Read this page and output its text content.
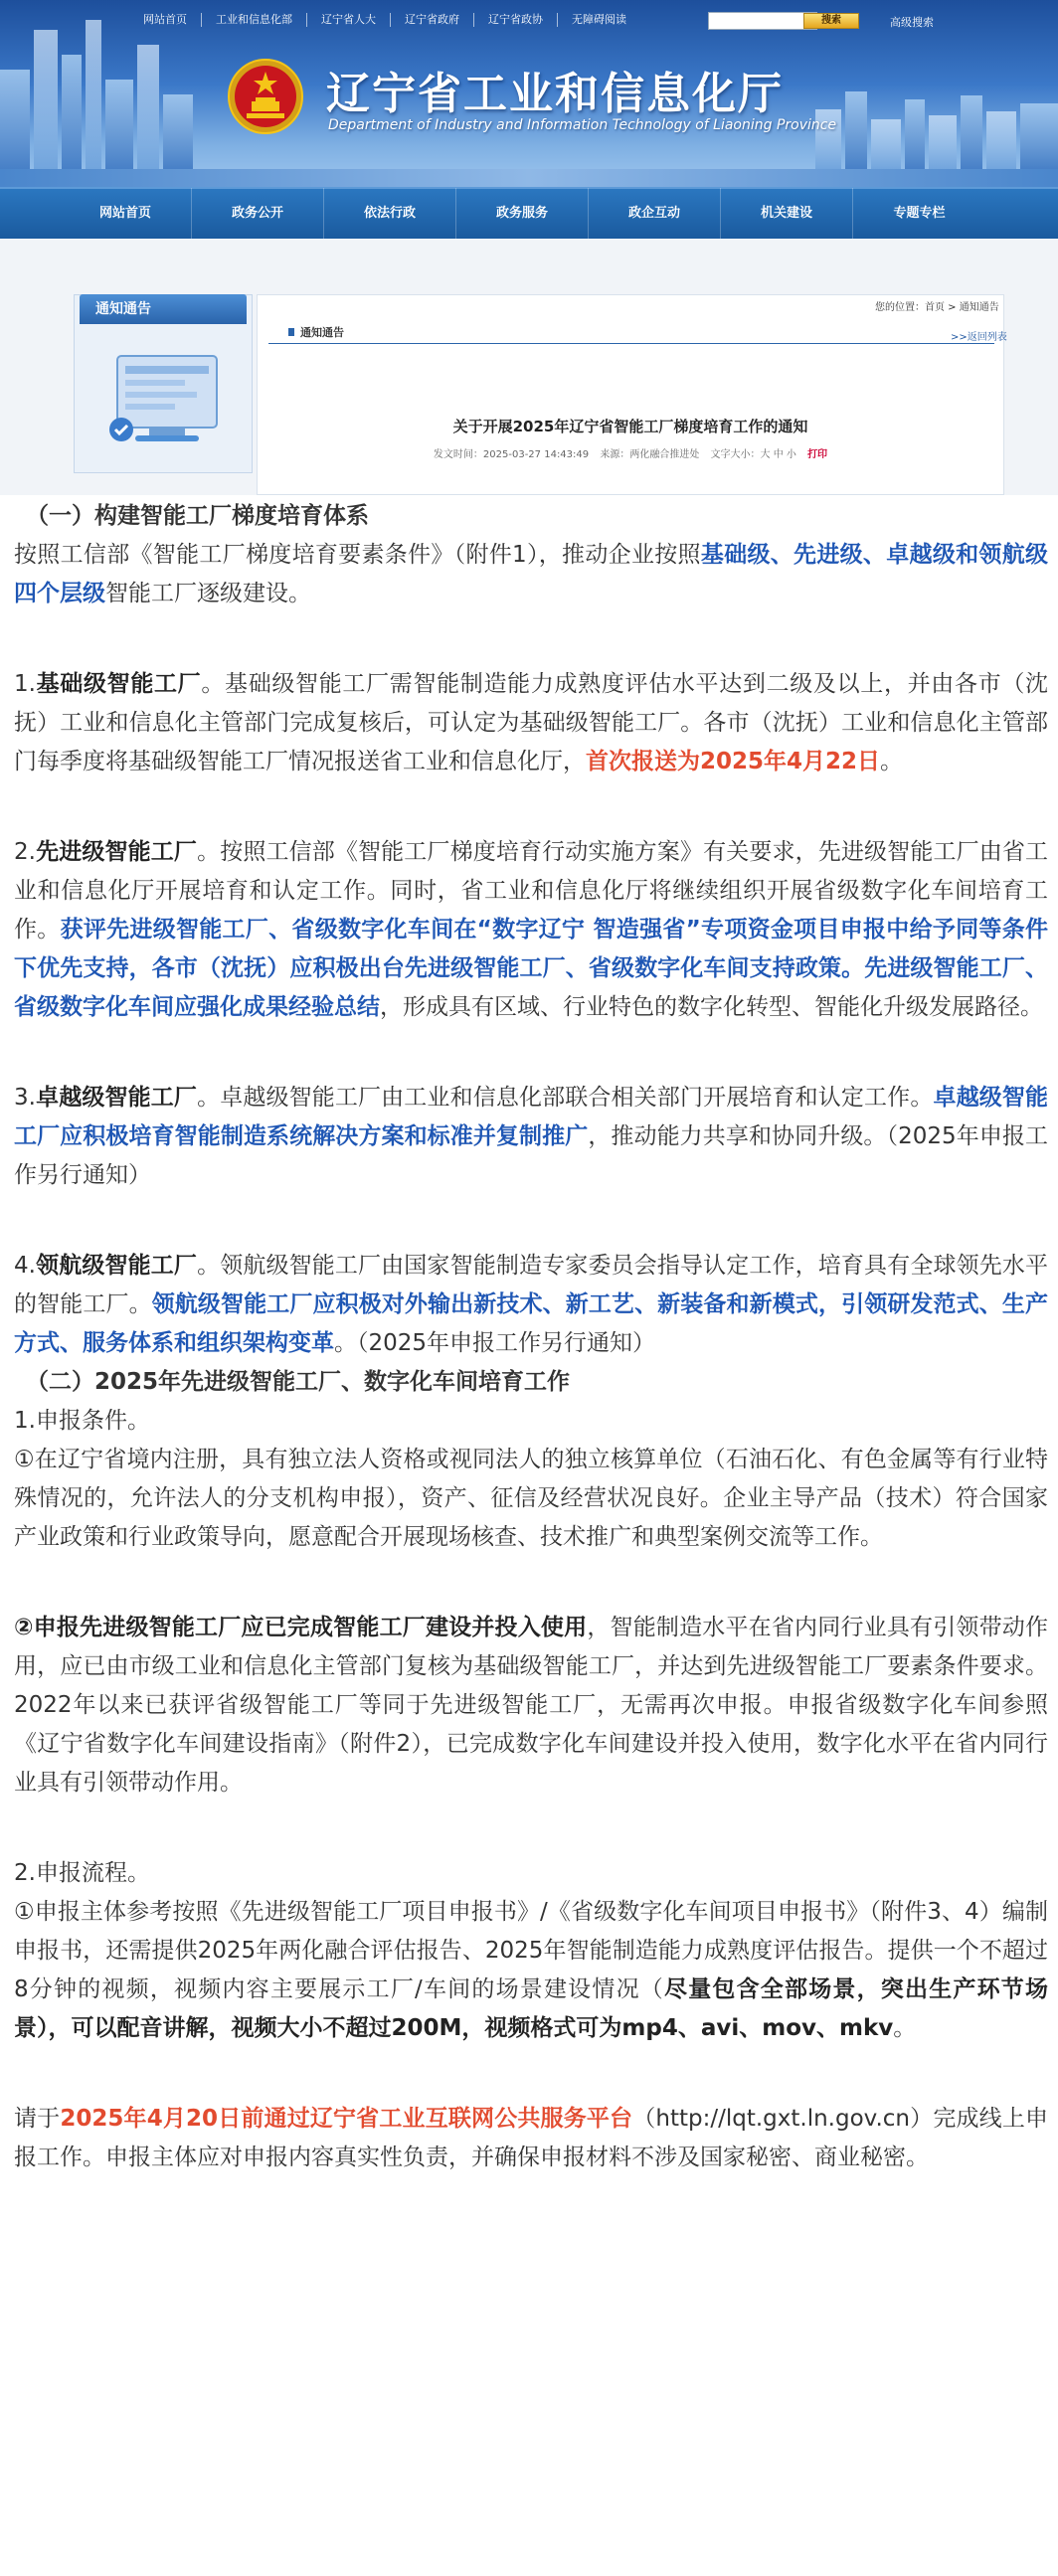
网站首页	工业和信息化部	辽宁省人大	辽宁省政府	辽宁省政协	无障碍阅读	搜索	高级搜索
辽宁省工业和信息化厅
Department of Industry and Information Technology of Liaoning Province
网站首页	政务公开	依法行政	政务服务	政企互动	机关建设	专题专栏
通知通告
通知通告
您的位置：首页 > 通知通告
>>返回列表
关于开展2025年辽宁省智能工厂梯度培育工作的通知
发文时间：2025-03-27 14:43:49 来源：两化融合推进处 文字大小：大 中 小 打印
（一）构建智能工厂梯度培育体系
按照工信部《智能工厂梯度培育要素条件》（附件1），推动企业按照基础级、先进级、卓越级和领航级四个层级智能工厂逐级建设。
1.基础级智能工厂。基础级智能工厂需智能制造能力成熟度评估水平达到二级及以上，并由各市（沈抚）工业和信息化主管部门完成复核后，可认定为基础级智能工厂。各市（沈抚）工业和信息化主管部门每季度将基础级智能工厂情况报送省工业和信息化厅，首次报送为2025年4月22日。
2.先进级智能工厂。按照工信部《智能工厂梯度培育行动实施方案》有关要求，先进级智能工厂由省工业和信息化厅开展培育和认定工作。同时，省工业和信息化厅将继续组织开展省级数字化车间培育工作。获评先进级智能工厂、省级数字化车间在“数字辽宁 智造强省”专项资金项目申报中给予同等条件下优先支持，各市（沈抚）应积极出台先进级智能工厂、省级数字化车间支持政策。先进级智能工厂、省级数字化车间应强化成果经验总结，形成具有区域、行业特色的数字化转型、智能化升级发展路径。
3.卓越级智能工厂。卓越级智能工厂由工业和信息化部联合相关部门开展培育和认定工作。卓越级智能工厂应积极培育智能制造系统解决方案和标准并复制推广，推动能力共享和协同升级。（2025年申报工作另行通知）
4.领航级智能工厂。领航级智能工厂由国家智能制造专家委员会指导认定工作，培育具有全球领先水平的智能工厂。领航级智能工厂应积极对外输出新技术、新工艺、新装备和新模式，引领研发范式、生产方式、服务体系和组织架构变革。（2025年申报工作另行通知）
（二）2025年先进级智能工厂、数字化车间培育工作
1.申报条件。
①在辽宁省境内注册，具有独立法人资格或视同法人的独立核算单位（石油石化、有色金属等有行业特殊情况的，允许法人的分支机构申报），资产、征信及经营状况良好。企业主导产品（技术）符合国家产业政策和行业政策导向，愿意配合开展现场核查、技术推广和典型案例交流等工作。
②申报先进级智能工厂应已完成智能工厂建设并投入使用，智能制造水平在省内同行业具有引领带动作用，应已由市级工业和信息化主管部门复核为基础级智能工厂，并达到先进级智能工厂要素条件要求。2022年以来已获评省级智能工厂等同于先进级智能工厂，无需再次申报。申报省级数字化车间参照《辽宁省数字化车间建设指南》（附件2），已完成数字化车间建设并投入使用，数字化水平在省内同行业具有引领带动作用。
2.申报流程。
①申报主体参考按照《先进级智能工厂项目申报书》/《省级数字化车间项目申报书》（附件3、4）编制申报书，还需提供2025年两化融合评估报告、2025年智能制造能力成熟度评估报告。提供一个不超过8分钟的视频，视频内容主要展示工厂/车间的场景建设情况（尽量包含全部场景，突出生产环节场景），可以配音讲解，视频大小不超过200M，视频格式可为mp4、avi、mov、mkv。
请于2025年4月20日前通过辽宁省工业互联网公共服务平台（http://lqt.gxt.ln.gov.cn）完成线上申报工作。申报主体应对申报内容真实性负责，并确保申报材料不涉及国家秘密、商业秘密。
